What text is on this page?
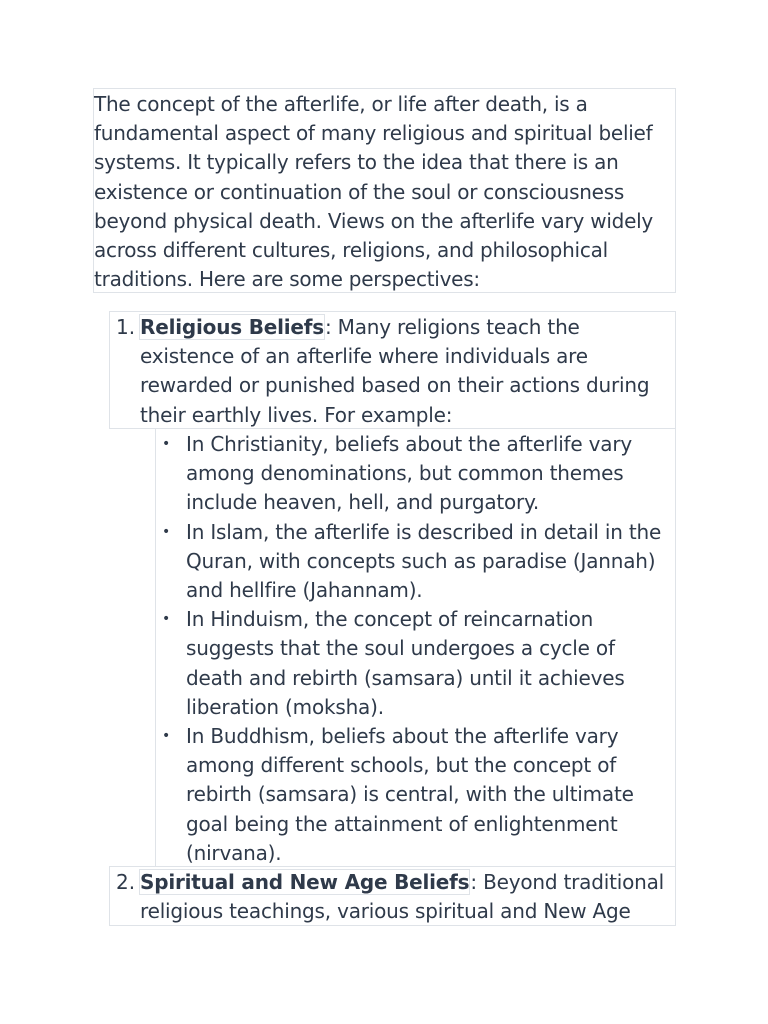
The concept of the afterlife, or life after death, is a fundamental aspect of many religious and spiritual belief systems. It typically refers to the idea that there is an existence or continuation of the soul or consciousness beyond physical death. Views on the afterlife vary widely across different cultures, religions, and philosophical traditions. Here are some perspectives:
1. Religious Beliefs: Many religions teach the existence of an afterlife where individuals are rewarded or punished based on their actions during their earthly lives. For example:
• In Christianity, beliefs about the afterlife vary among denominations, but common themes include heaven, hell, and purgatory.
• In Islam, the afterlife is described in detail in the Quran, with concepts such as paradise (Jannah) and hellfire (Jahannam).
• In Hinduism, the concept of reincarnation suggests that the soul undergoes a cycle of death and rebirth (samsara) until it achieves liberation (moksha).
• In Buddhism, beliefs about the afterlife vary among different schools, but the concept of rebirth (samsara) is central, with the ultimate goal being the attainment of enlightenment (nirvana).
2. Spiritual and New Age Beliefs: Beyond traditional religious teachings, various spiritual and New Age
